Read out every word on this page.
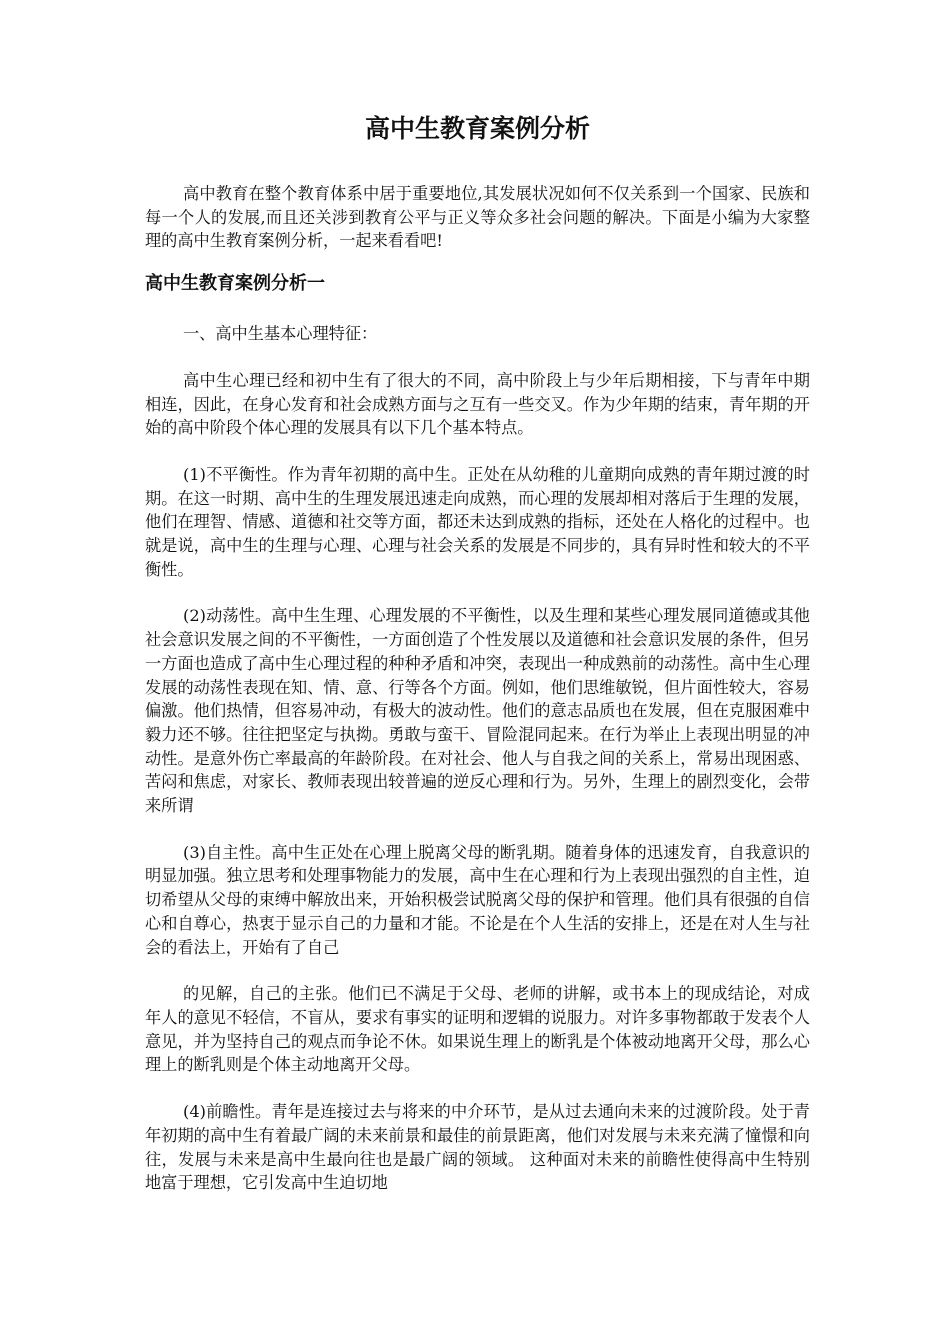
高中生教育案例分析

高中教育在整个教育体系中居于重要地位,其发展状况如何不仅关系到一个国家、民族和每一个人的发展,而且还关涉到教育公平与正义等众多社会问题的解决。下面是小编为大家整理的高中生教育案例分析，一起来看看吧!

高中生教育案例分析一

一、高中生基本心理特征：

高中生心理已经和初中生有了很大的不同，高中阶段上与少年后期相接，下与青年中期相连，因此，在身心发育和社会成熟方面与之互有一些交叉。作为少年期的结束，青年期的开始的高中阶段个体心理的发展具有以下几个基本特点。

(1)不平衡性。作为青年初期的高中生。正处在从幼稚的儿童期向成熟的青年期过渡的时期。在这一时期、高中生的生理发展迅速走向成熟，而心理的发展却相对落后于生理的发展，他们在理智、情感、道德和社交等方面，都还未达到成熟的指标，还处在人格化的过程中。也就是说，高中生的生理与心理、心理与社会关系的发展是不同步的，具有异时性和较大的不平衡性。

(2)动荡性。高中生生理、心理发展的不平衡性，以及生理和某些心理发展同道德或其他社会意识发展之间的不平衡性，一方面创造了个性发展以及道德和社会意识发展的条件，但另一方面也造成了高中生心理过程的种种矛盾和冲突，表现出一种成熟前的动荡性。高中生心理发展的动荡性表现在知、情、意、行等各个方面。例如，他们思维敏锐，但片面性较大，容易偏激。他们热情，但容易冲动，有极大的波动性。他们的意志品质也在发展，但在克服困难中毅力还不够。往往把坚定与执拗。勇敢与蛮干、冒险混同起来。在行为举止上表现出明显的冲动性。是意外伤亡率最高的年龄阶段。在对社会、他人与自我之间的关系上，常易出现困惑、苦闷和焦虑，对家长、教师表现出较普遍的逆反心理和行为。另外，生理上的剧烈变化，会带来所谓

(3)自主性。高中生正处在心理上脱离父母的断乳期。随着身体的迅速发育，自我意识的明显加强。独立思考和处理事物能力的发展，高中生在心理和行为上表现出强烈的自主性，迫切希望从父母的束缚中解放出来，开始积极尝试脱离父母的保护和管理。他们具有很强的自信心和自尊心，热衷于显示自己的力量和才能。不论是在个人生活的安排上，还是在对人生与社会的看法上，开始有了自己

的见解，自己的主张。他们已不满足于父母、老师的讲解，或书本上的现成结论，对成年人的意见不轻信，不盲从，要求有事实的证明和逻辑的说服力。对许多事物都敢于发表个人意见，并为坚持自己的观点而争论不休。如果说生理上的断乳是个体被动地离开父母，那么心理上的断乳则是个体主动地离开父母。

(4)前瞻性。青年是连接过去与将来的中介环节，是从过去通向未来的过渡阶段。处于青年初期的高中生有着最广阔的未来前景和最佳的前景距离，他们对发展与未来充满了憧憬和向往，发展与未来是高中生最向往也是最广阔的领域。 这种面对未来的前瞻性使得高中生特别地富于理想，它引发高中生迫切地
